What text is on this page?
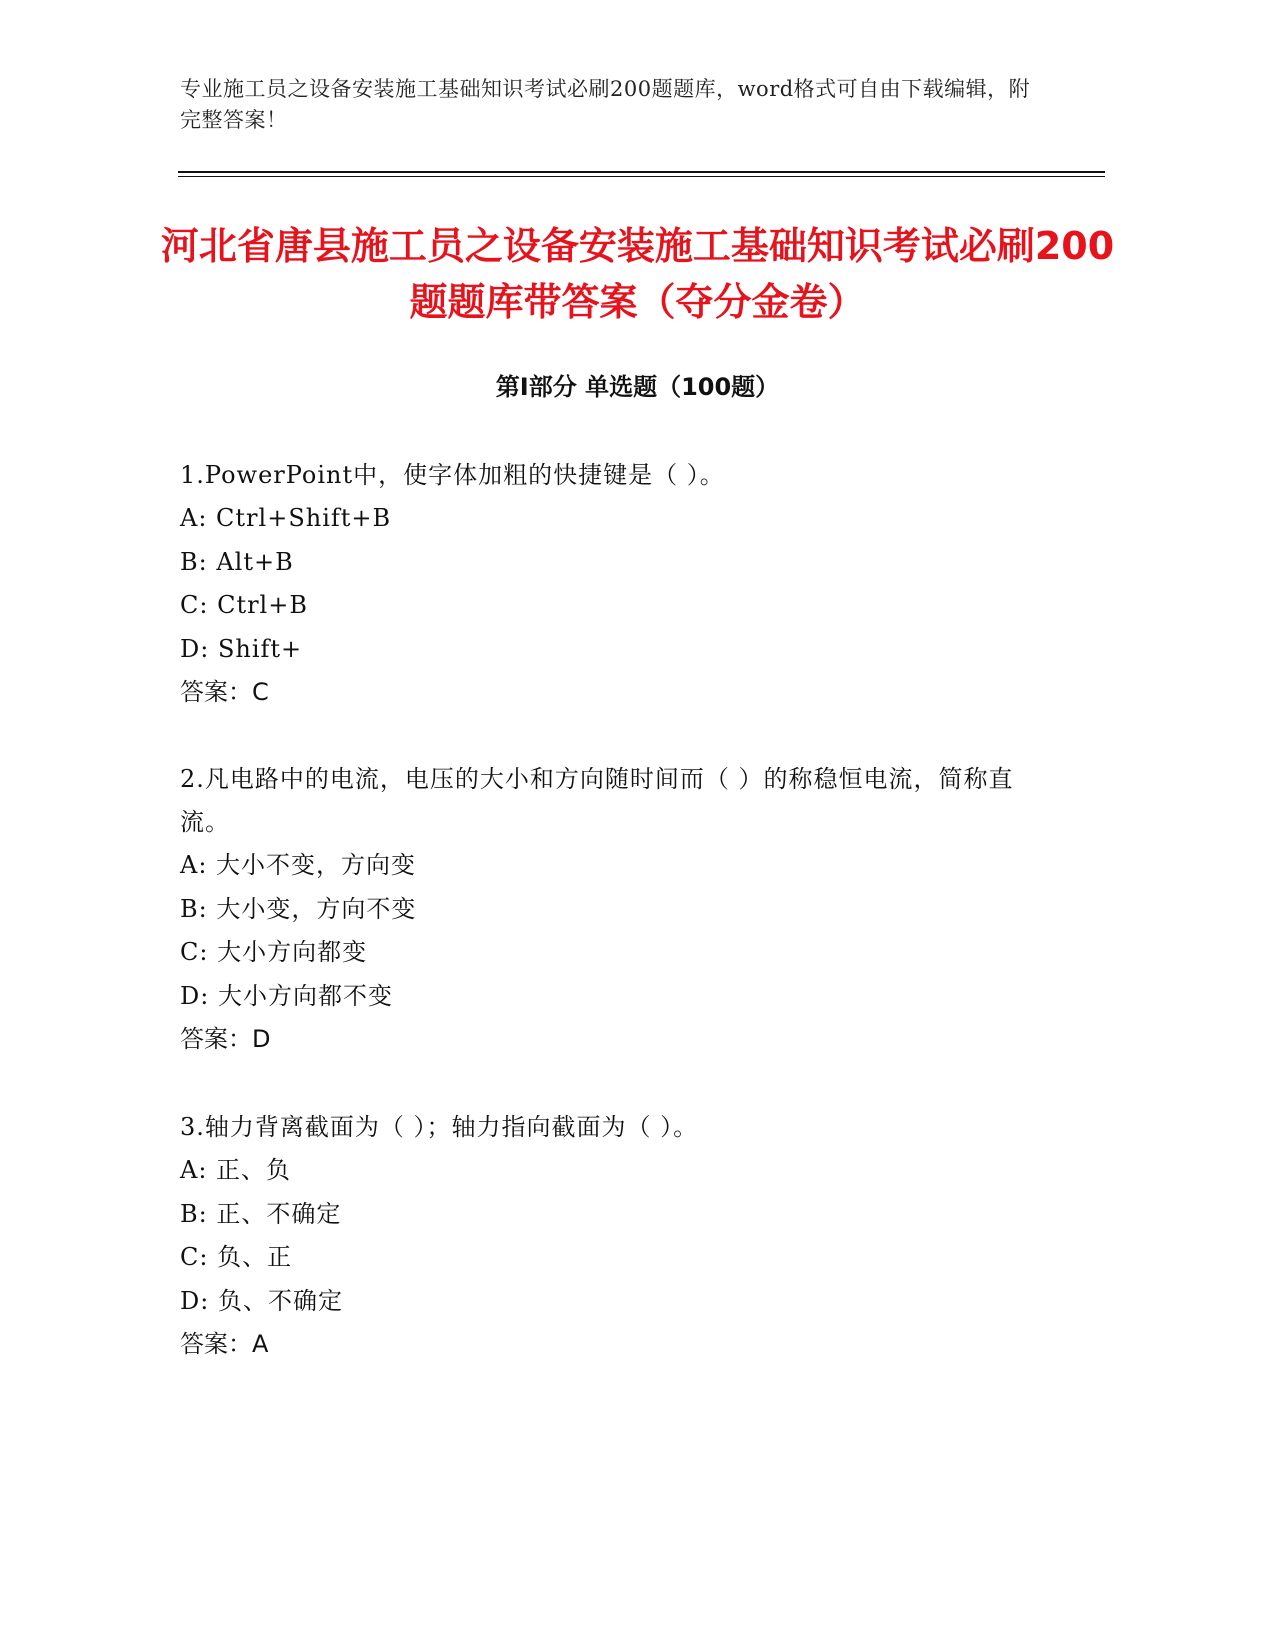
专业施工员之设备安装施工基础知识考试必刷200题题库，word格式可自由下载编辑，附完整答案！
河北省唐县施工员之设备安装施工基础知识考试必刷200题题库带答案（夺分金卷）
第I部分 单选题（100题）

1.PowerPoint中，使字体加粗的快捷键是（ ）。

A: Ctrl+Shift+B

B: Alt+B

C: Ctrl+B

D: Shift+

答案：C

2.凡电路中的电流，电压的大小和方向随时间而（ ）的称稳恒电流，简称直流。

A: 大小不变，方向变

B: 大小变，方向不变

C: 大小方向都变

D: 大小方向都不变

答案：D

3.轴力背离截面为（ ）；轴力指向截面为（ ）。

A: 正、负

B: 正、不确定

C: 负、正

D: 负、不确定

答案：A
